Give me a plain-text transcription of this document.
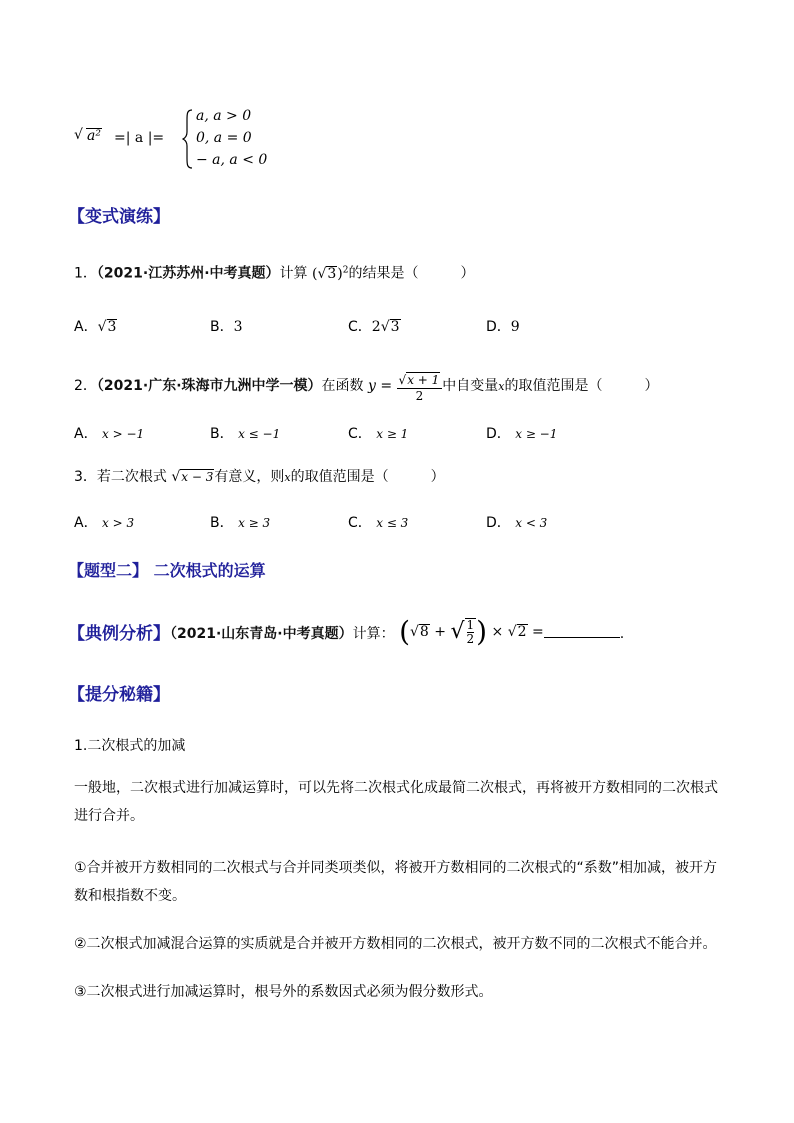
√ a² =| a |=
a, a > 0
0, a = 0
− a, a < 0
【变式演练】
1．（2021·江苏苏州·中考真题）计算 $(√3)^2$的结果是（　　　）
A．√3	B．3	C．2√3	D．9
2．（2021·广东·珠海市九洲中学一模）在函数 $y = \frac{√x + 1}{2}$ 中自变量x的取值范围是（　　　）
A． x > −1	B． x ≤ −1	C． x ≥ 1	D． x ≥ −1
3．若二次根式 √x − 3有意义，则x的取值范围是（　　　）
A． x > 3	B． x ≥ 3	C． x ≤ 3	D． x < 3
【题型二】 二次根式的运算
【典例分析】（2021·山东青岛·中考真题）计算： (√8 + √ $\frac{1}{2}$ ) × √2 =	.
【提分秘籍】
1.二次根式的加减
一般地，二次根式进行加减运算时，可以先将二次根式化成最简二次根式，再将被开方数相同的二次根式进行合并。
①合并被开方数相同的二次根式与合并同类项类似，将被开方数相同的二次根式的“系数”相加减，被开方数和根指数不变。
②二次根式加减混合运算的实质就是合并被开方数相同的二次根式，被开方数不同的二次根式不能合并。
③二次根式进行加减运算时，根号外的系数因式必须为假分数形式。
